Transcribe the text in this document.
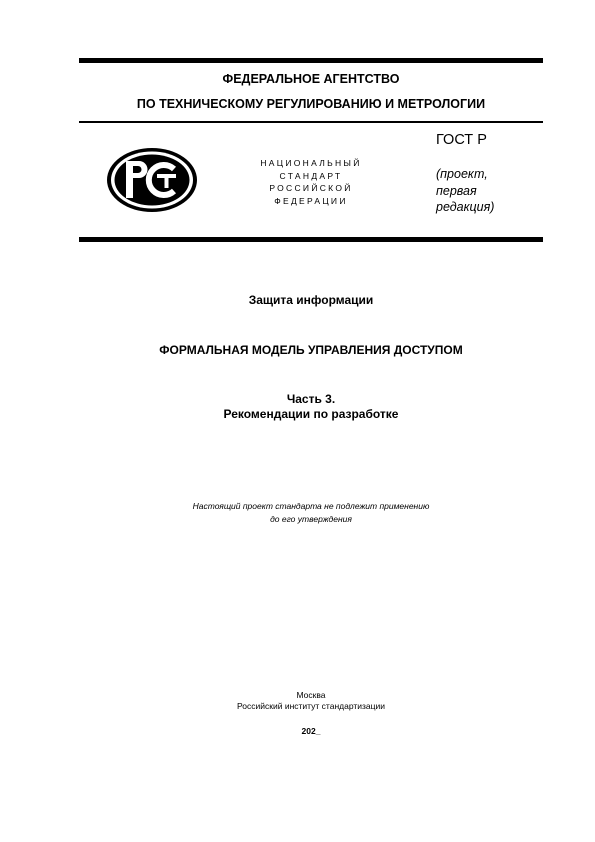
ФЕДЕРАЛЬНОЕ АГЕНТСТВО
ПО ТЕХНИЧЕСКОМУ РЕГУЛИРОВАНИЮ И МЕТРОЛОГИИ
НАЦИОНАЛЬНЫЙ
СТАНДАРТ
РОССИЙСКОЙ
ФЕДЕРАЦИИ
ГОСТ Р
(проект,
первая
редакция)
Защита информации
ФОРМАЛЬНАЯ МОДЕЛЬ УПРАВЛЕНИЯ ДОСТУПОМ
Часть 3.
Рекомендации по разработке
Настоящий проект стандарта не подлежит применению
до его утверждения
Москва
Российский институт стандартизации
202_
